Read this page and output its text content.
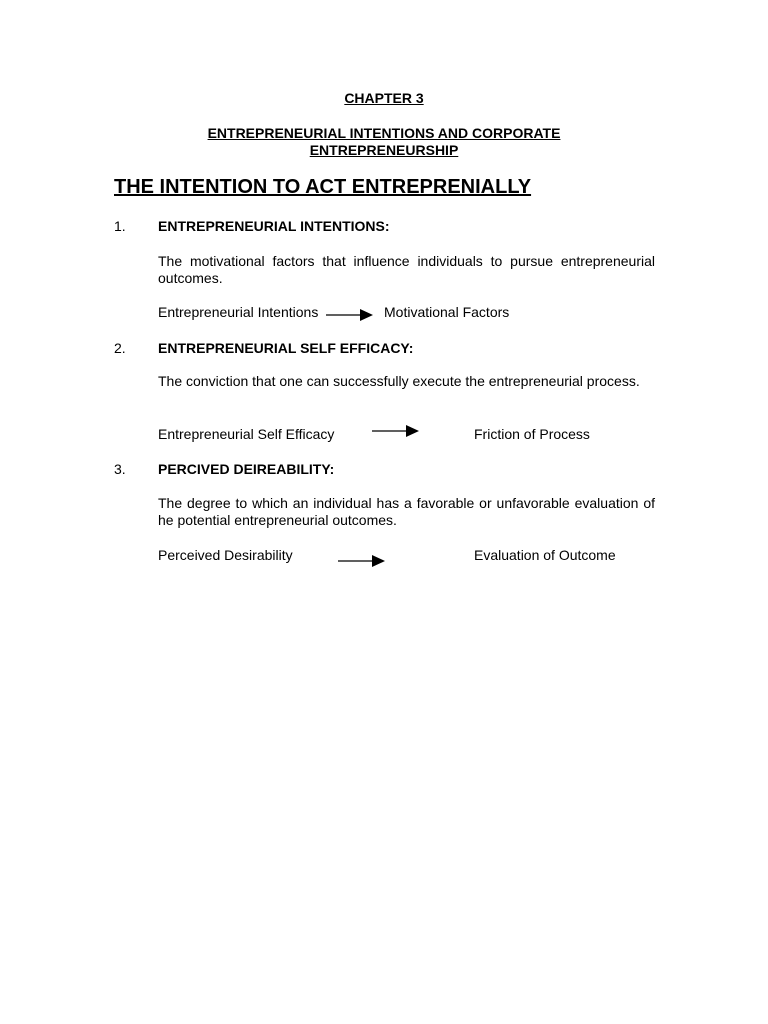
CHAPTER 3
ENTREPRENEURIAL INTENTIONS AND CORPORATE
ENTREPRENEURSHIP
THE INTENTION TO ACT ENTREPRENIALLY
1. ENTREPRENEURIAL INTENTIONS:
The motivational factors that influence individuals to pursue entrepreneurial outcomes.
Entrepreneurial Intentions	Motivational Factors
2. ENTREPRENEURIAL SELF EFFICACY:
The conviction that one can successfully execute the entrepreneurial process.
Entrepreneurial Self Efficacy	Friction of Process
3. PERCIVED DEIREABILITY:
The degree to which an individual has a favorable or unfavorable evaluation of he potential entrepreneurial outcomes.
Perceived Desirability	Evaluation of Outcome
